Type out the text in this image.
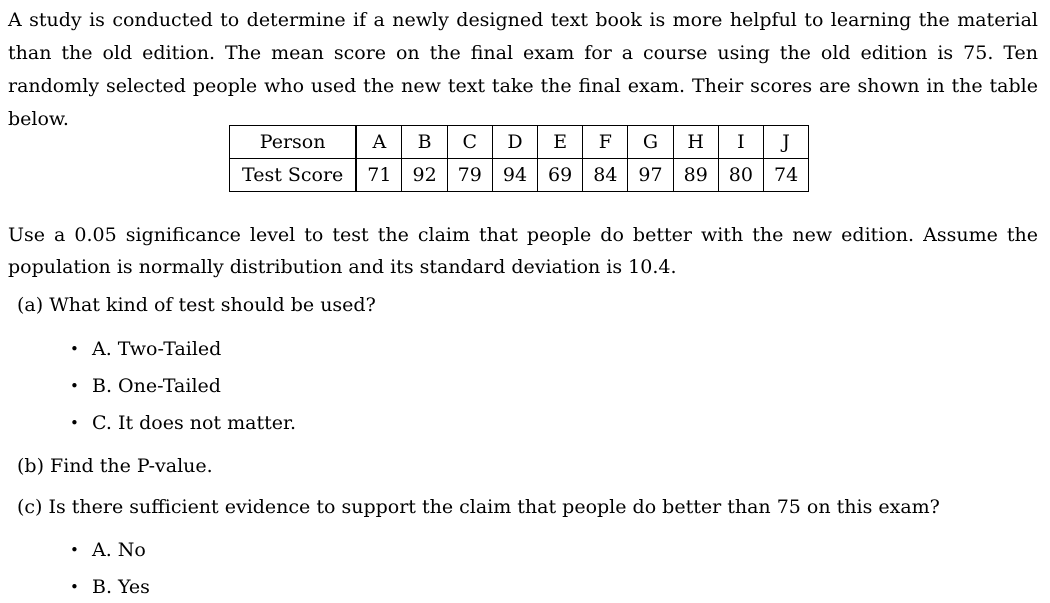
A study is conducted to determine if a newly designed text book is more helpful to learning the material than the old edition. The mean score on the final exam for a course using the old edition is 75. Ten randomly selected people who used the new text take the final exam. Their scores are shown in the table below.

Person	A	B	C	D	E	F	G	H	I	J
Test Score	71	92	79	94	69	84	97	89	80	74

Use a 0.05 significance level to test the claim that people do better with the new edition. Assume the population is normally distribution and its standard deviation is 10.4.

(a) What kind of test should be used?

• A. Two-Tailed

• B. One-Tailed

• C. It does not matter.

(b) Find the P-value.

(c) Is there sufficient evidence to support the claim that people do better than 75 on this exam?

• A. No

• B. Yes
